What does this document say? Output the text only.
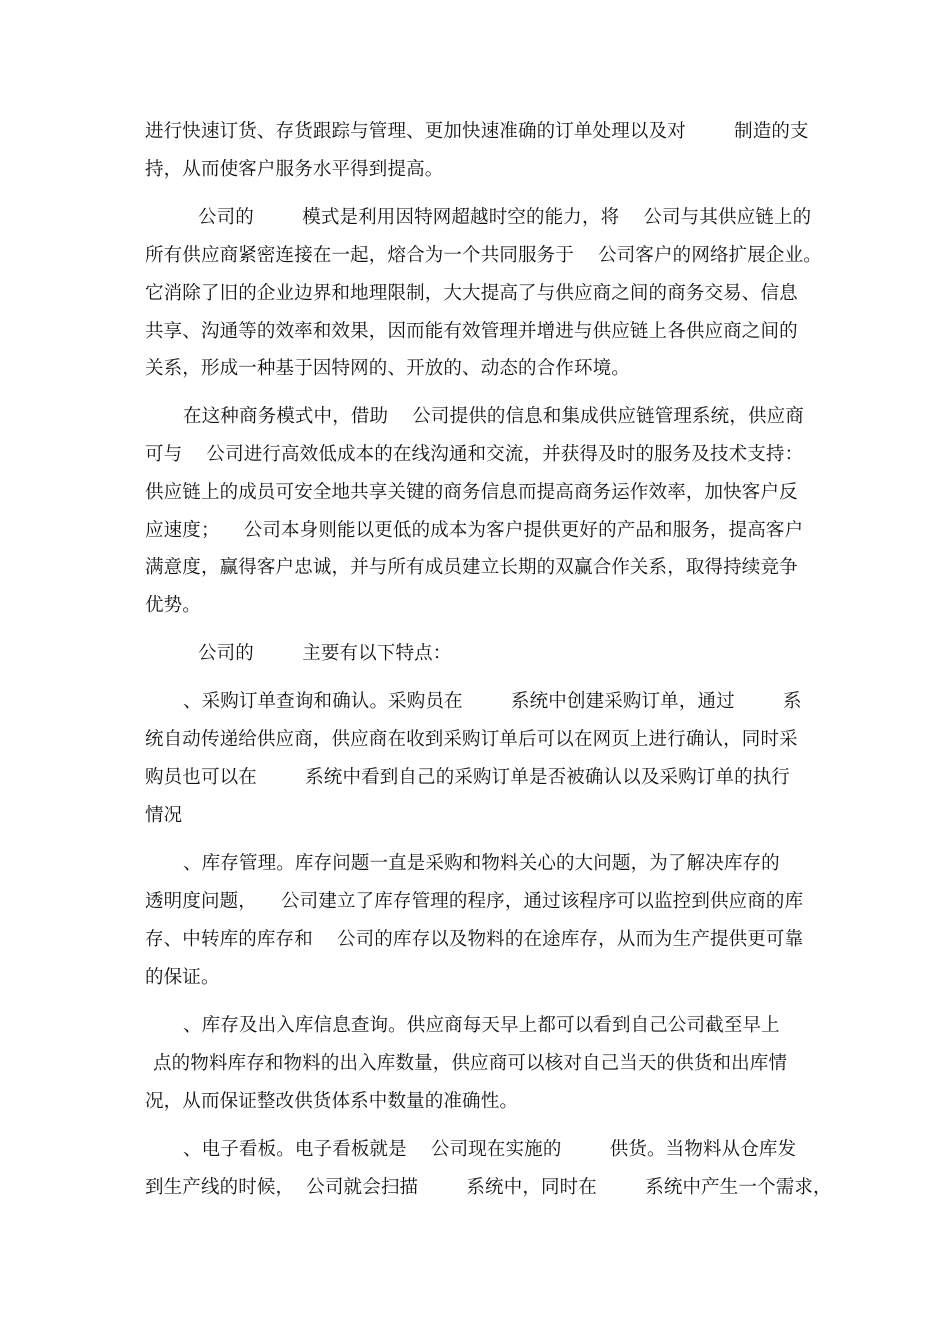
进行快速订货、存货跟踪与管理、更加快速准确的订单处理以及对        制造的支
持，从而使客户服务水平得到提高。
公司的        模式是利用因特网超越时空的能力，将    公司与其供应链上的
所有供应商紧密连接在一起，熔合为一个共同服务于    公司客户的网络扩展企业。
它消除了旧的企业边界和地理限制，大大提高了与供应商之间的商务交易、信息
共享、沟通等的效率和效果，因而能有效管理并增进与供应链上各供应商之间的
关系，形成一种基于因特网的、开放的、动态的合作环境。
在这种商务模式中，借助    公司提供的信息和集成供应链管理系统，供应商
可与    公司进行高效低成本的在线沟通和交流，并获得及时的服务及技术支持：
供应链上的成员可安全地共享关键的商务信息而提高商务运作效率，加快客户反
应速度；    公司本身则能以更低的成本为客户提供更好的产品和服务，提高客户
满意度，赢得客户忠诚，并与所有成员建立长期的双赢合作关系，取得持续竞争
优势。
公司的        主要有以下特点：
、采购订单查询和确认。采购员在        系统中创建采购订单，通过        系
统自动传递给供应商，供应商在收到采购订单后可以在网页上进行确认，同时采
购员也可以在        系统中看到自己的采购订单是否被确认以及采购订单的执行
情况
、库存管理。库存问题一直是采购和物料关心的大问题，为了解决库存的
透明度问题，    公司建立了库存管理的程序，通过该程序可以监控到供应商的库
存、中转库的库存和    公司的库存以及物料的在途库存，从而为生产提供更可靠
的保证。
、库存及出入库信息查询。供应商每天早上都可以看到自己公司截至早上
点的物料库存和物料的出入库数量，供应商可以核对自己当天的供货和出库情
况，从而保证整改供货体系中数量的准确性。
、电子看板。电子看板就是    公司现在实施的        供货。当物料从仓库发
到生产线的时候，  公司就会扫描        系统中，同时在        系统中产生一个需求，
